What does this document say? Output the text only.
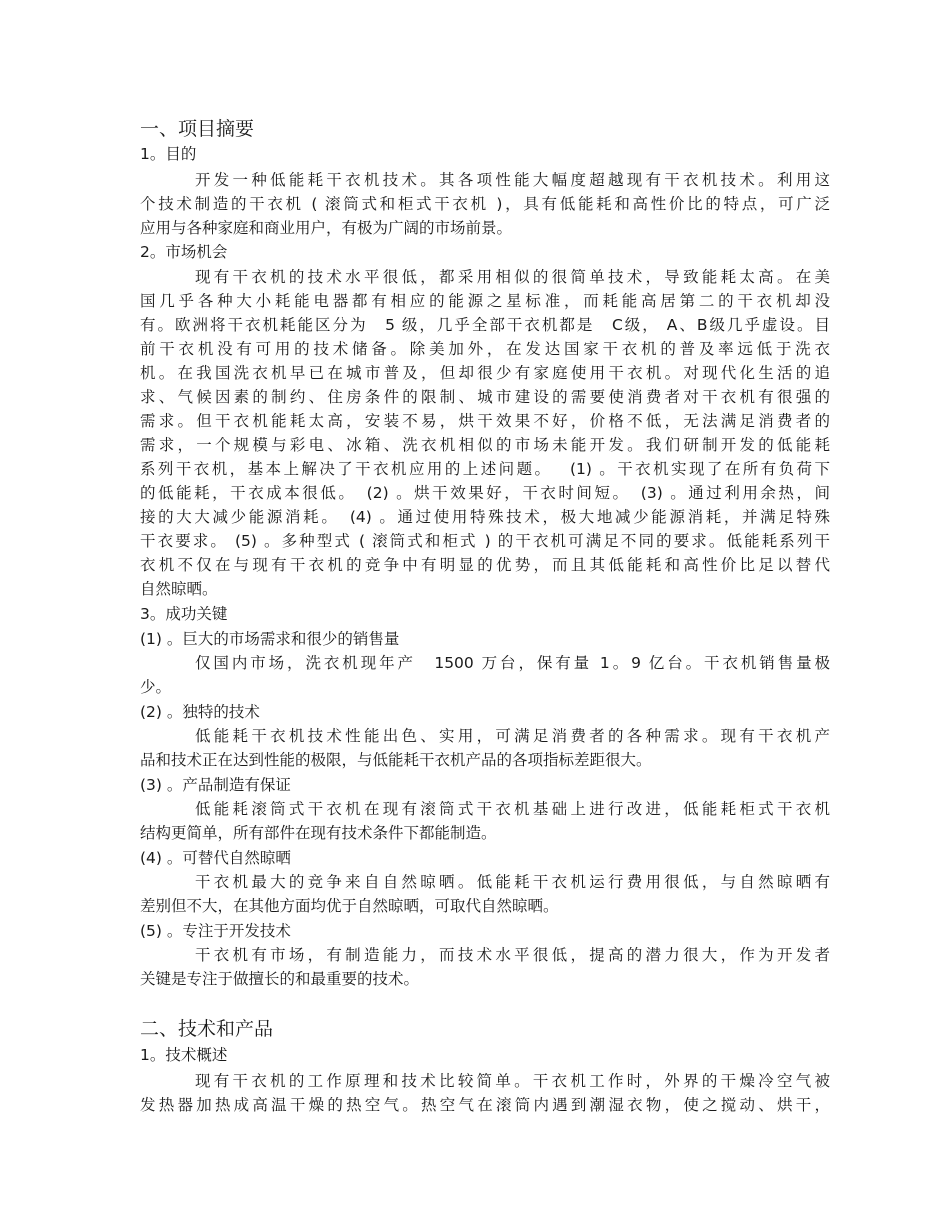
一、项目摘要
1。目的
开发一种低能耗干衣机技术。其各项性能大幅度超越现有干衣机技术。利用这
个技术制造的干衣机 ( 滚筒式和柜式干衣机 )，具有低能耗和高性价比的特点，可广泛
应用与各种家庭和商业用户，有极为广阔的市场前景。
2。市场机会
现有干衣机的技术水平很低，都采用相似的很简单技术，导致能耗太高。在美
国几乎各种大小耗能电器都有相应的能源之星标准，而耗能高居第二的干衣机却没
有。欧洲将干衣机耗能区分为　5 级，几乎全部干衣机都是　C级， A、B级几乎虚设。目
前干衣机没有可用的技术储备。除美加外，在发达国家干衣机的普及率远低于洗衣
机。在我国洗衣机早已在城市普及，但却很少有家庭使用干衣机。对现代化生活的追
求、气候因素的制约、住房条件的限制、城市建设的需要使消费者对干衣机有很强的
需求。但干衣机能耗太高，安装不易，烘干效果不好，价格不低，无法满足消费者的
需求，一个规模与彩电、冰箱、洗衣机相似的市场未能开发。我们研制开发的低能耗
系列干衣机，基本上解决了干衣机应用的上述问题。　 (1) 。干衣机实现了在所有负荷下
的低能耗，干衣成本很低。　(2) 。烘干效果好，干衣时间短。　(3) 。通过利用余热，间
接的大大减少能源消耗。　(4) 。通过使用特殊技术，极大地减少能源消耗，并满足特殊
干衣要求。 (5) 。多种型式 ( 滚筒式和柜式 ) 的干衣机可满足不同的要求。低能耗系列干
衣机不仅在与现有干衣机的竞争中有明显的优势，而且其低能耗和高性价比足以替代
自然晾晒。
3。成功关键
(1) 。巨大的市场需求和很少的销售量
仅国内市场，洗衣机现年产　1500 万台，保有量 1。9 亿台。干衣机销售量极
少。
(2) 。独特的技术
低能耗干衣机技术性能出色、实用，可满足消费者的各种需求。现有干衣机产
品和技术正在达到性能的极限，与低能耗干衣机产品的各项指标差距很大。
(3) 。产品制造有保证
低能耗滚筒式干衣机在现有滚筒式干衣机基础上进行改进，低能耗柜式干衣机
结构更简单，所有部件在现有技术条件下都能制造。
(4) 。可替代自然晾晒
干衣机最大的竞争来自自然晾晒。低能耗干衣机运行费用很低，与自然晾晒有
差别但不大，在其他方面均优于自然晾晒，可取代自然晾晒。
(5) 。专注于开发技术
干衣机有市场，有制造能力，而技术水平很低，提高的潜力很大，作为开发者
关键是专注于做擅长的和最重要的技术。
二、技术和产品
1。技术概述
现有干衣机的工作原理和技术比较简单。干衣机工作时，外界的干燥冷空气被
发热器加热成高温干燥的热空气。热空气在滚筒内遇到潮湿衣物，使之搅动、烘干，
